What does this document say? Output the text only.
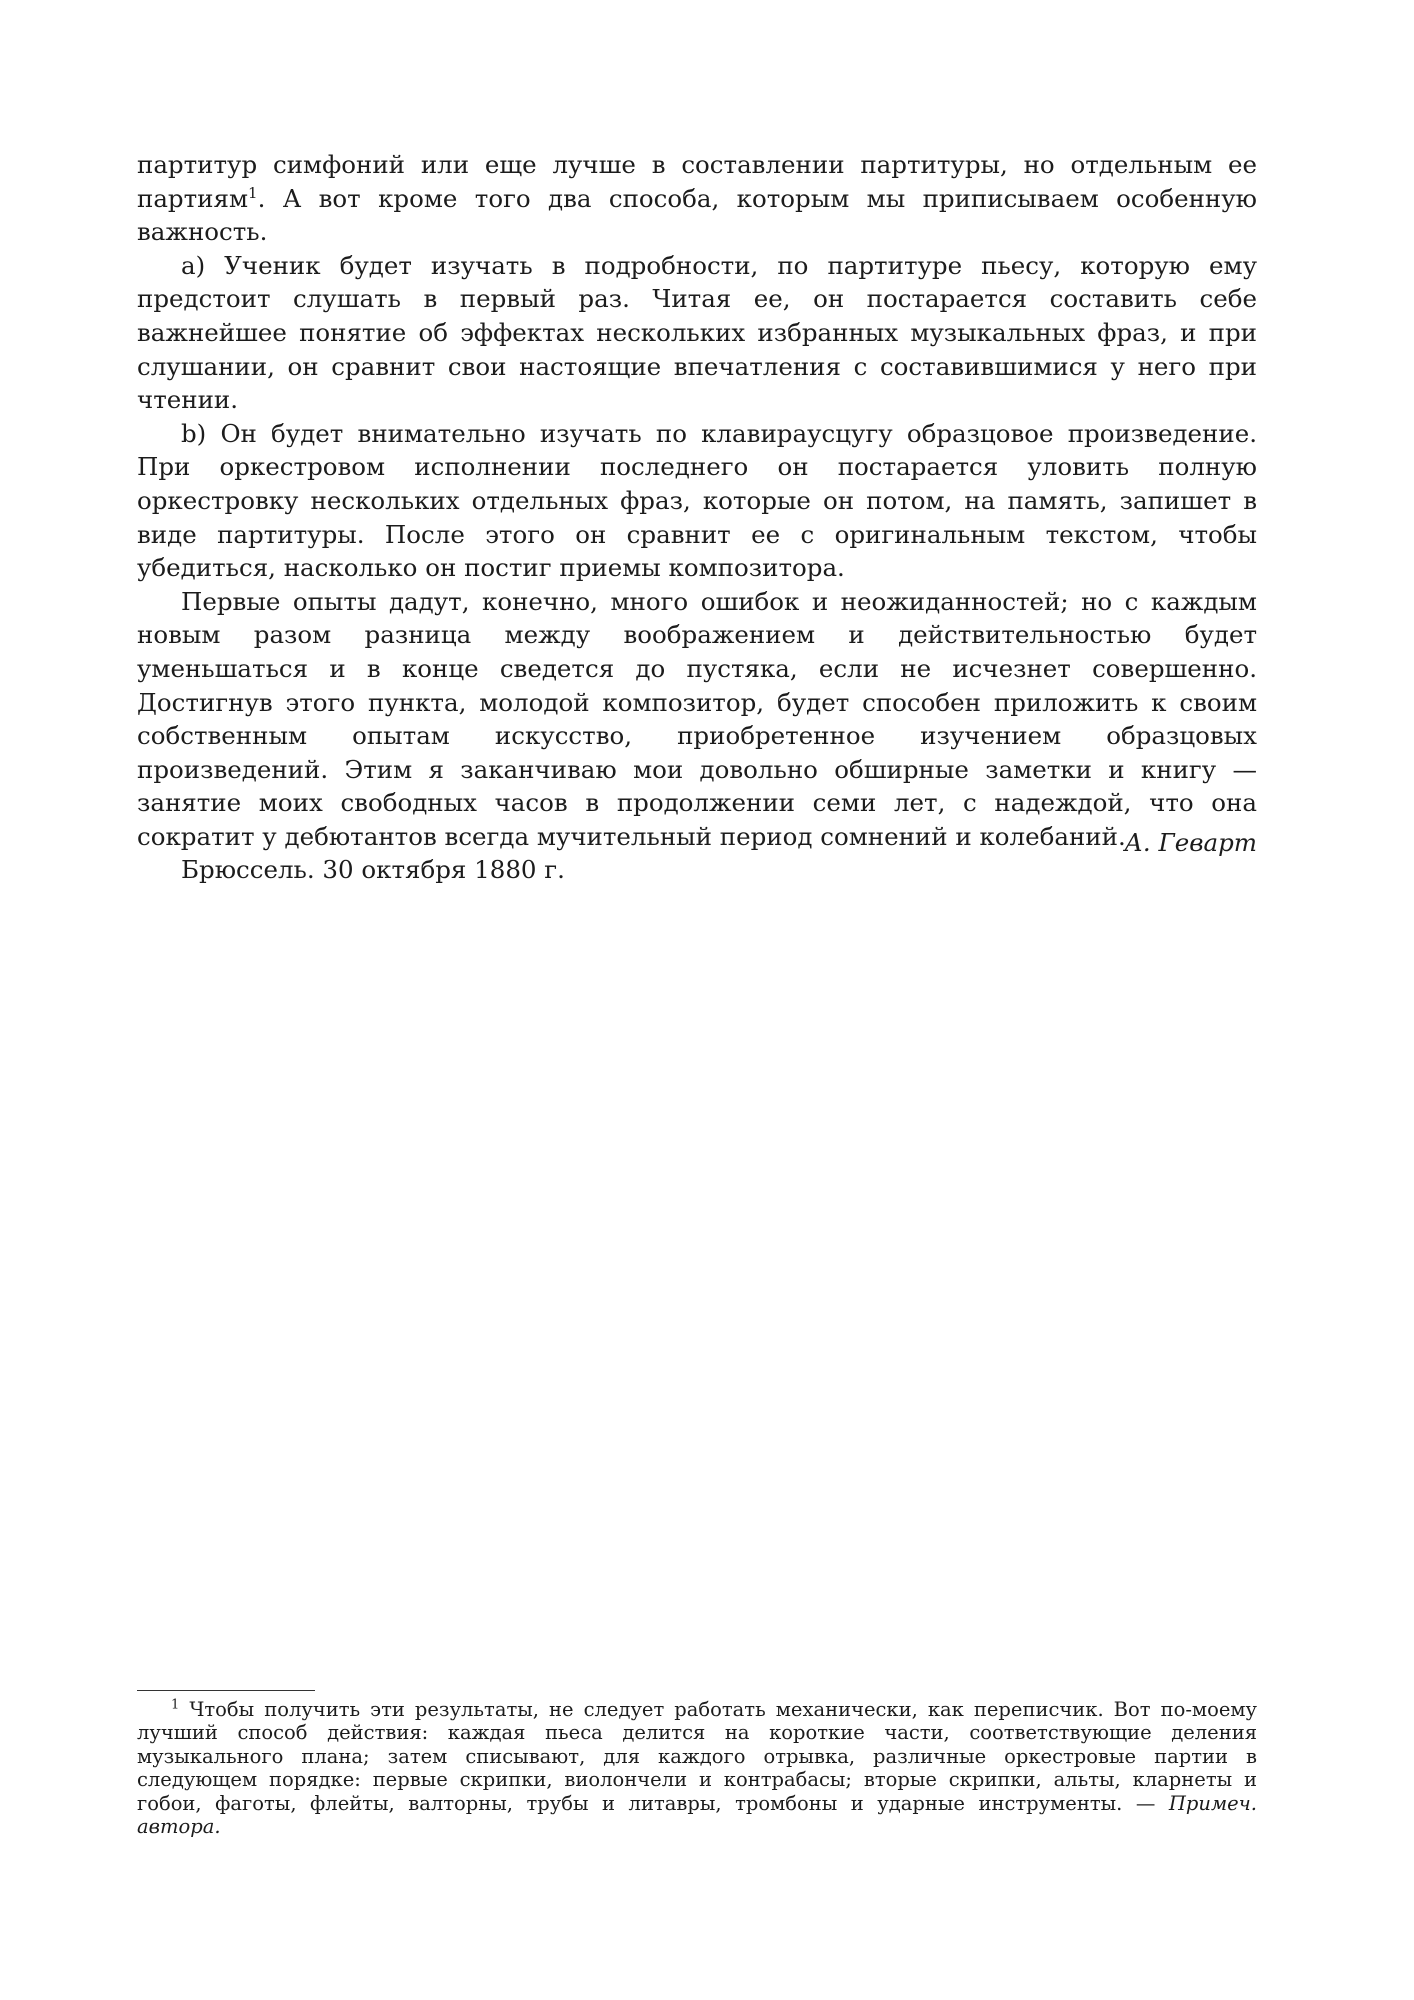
партитур симфоний или еще лучше в составлении партитуры, но отдельным ее партиям$^1$. А вот кроме того два способа, которым мы приписываем особенную важность.

а) Ученик будет изучать в подробности, по партитуре пьесу, которую ему предстоит слушать в первый раз. Читая ее, он постарается составить себе важнейшее понятие об эффектах нескольких избранных музыкальных фраз, и при слушании, он сравнит свои настоящие впечатления с составившимися у него при чтении.

b) Он будет внимательно изучать по клавираусцугу образцовое произведение. При оркестровом исполнении последнего он постарается уловить полную оркестровку нескольких отдельных фраз, которые он потом, на память, запишет в виде партитуры. После этого он сравнит ее с оригинальным текстом, чтобы убедиться, насколько он постиг приемы композитора.

Первые опыты дадут, конечно, много ошибок и неожиданностей; но с каждым новым разом разница между воображением и действительностью будет уменьшаться и в конце сведется до пустяка, если не исчезнет совершенно. Достигнув этого пункта, молодой композитор, будет способен приложить к своим собственным опытам искусство, приобретенное изучением образцовых произведений. Этим я заканчиваю мои довольно обширные заметки и книгу — занятие моих свободных часов в продолжении семи лет, с надеждой, что она сократит у дебютантов всегда мучительный период сомнений и колебаний.

Брюссель. 30 октября 1880 г.

А. Геварт

$^1$ Чтобы получить эти результаты, не следует работать механически, как переписчик. Вот по-моему лучший способ действия: каждая пьеса делится на короткие части, соответствующие деления музыкального плана; затем списывают, для каждого отрывка, различные оркестровые партии в следующем порядке: первые скрипки, виолончели и контрабасы; вторые скрипки, альты, кларнеты и гобои, фаготы, флейты, валторны, трубы и литавры, тромбоны и ударные инструменты. — Примеч. автора.
